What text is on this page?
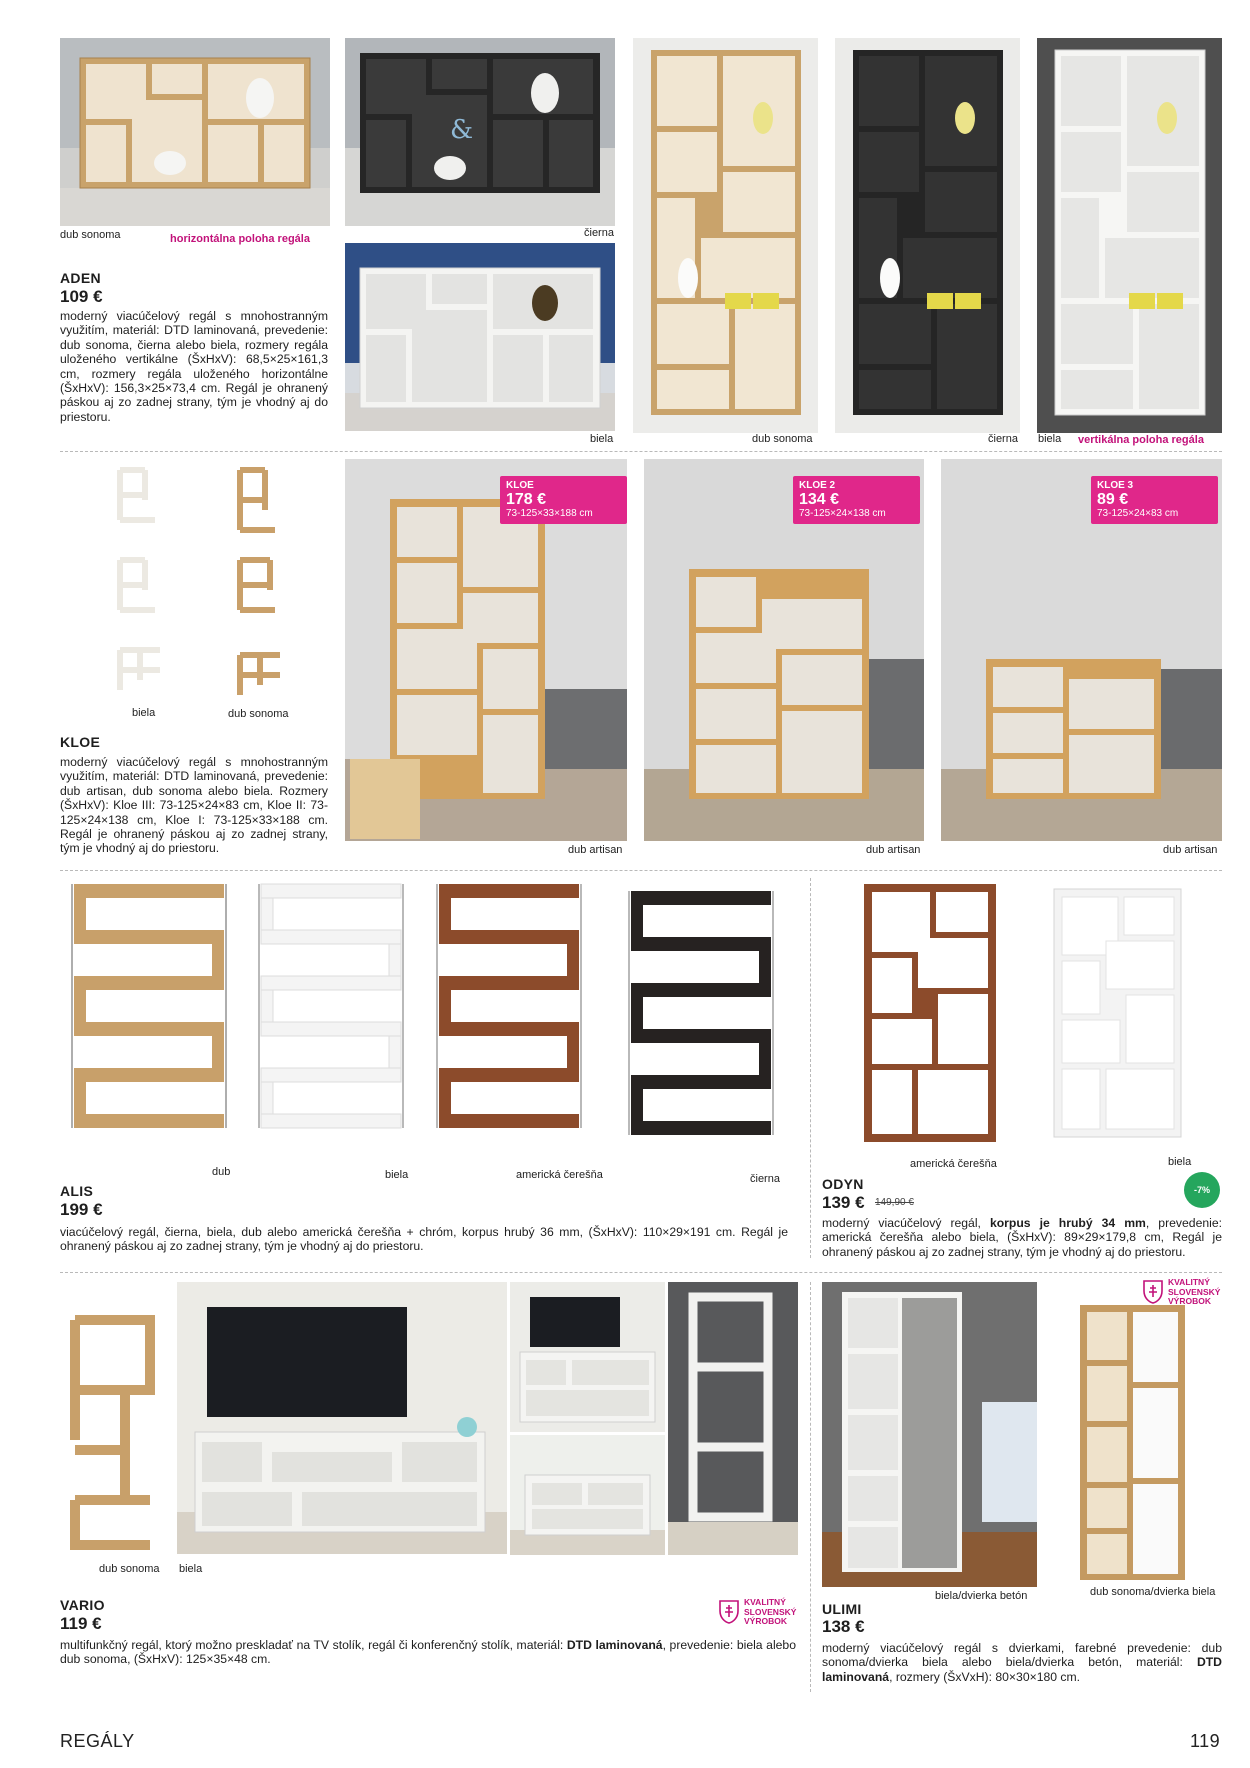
&
dub sonoma	horizontálna poloha regála	čierna
biela	dub sonoma	čierna biela vertikálna poloha regála
ADEN
109 €
moderný viacúčelový regál s mnohostranným využitím, materiál: DTD laminovaná, prevedenie: dub sonoma, čierna alebo biela, rozmery regála uloženého vertikálne (ŠxHxV): 68,5×25×161,3 cm, rozmery regála uloženého horizontálne (ŠxHxV): 156,3×25×73,4 cm. Regál je ohranený páskou aj zo zadnej strany, tým je vhodný aj do priestoru.
biela	dub sonoma
KLOE
moderný viacúčelový regál s mnohostranným využitím, materiál: DTD laminovaná, prevedenie: dub artisan, dub sonoma alebo biela. Rozmery (ŠxHxV): Kloe III: 73-125×24×83 cm, Kloe II: 73-125×24×138 cm, Kloe I: 73-125×33×188 cm. Regál je ohranený páskou aj zo zadnej strany, tým je vhodný aj do priestoru.
KLOE
178 €
73-125×33×188 cm
dub artisan
KLOE 2
134 €
73-125×24×138 cm
dub artisan
KLOE 3
89 €
73-125×24×83 cm
dub artisan
dub	biela	americká čerešňa	čierna
ALIS
199 €
viacúčelový regál, čierna, biela, dub alebo americká čerešňa + chróm, korpus hrubý 36 mm, (ŠxHxV): 110×29×191 cm. Regál je ohranený páskou aj zo zadnej strany, tým je vhodný aj do priestoru.
americká čerešňa	biela
ODYN
139 € 149,90 €
-7%
moderný viacúčelový regál, korpus je hrubý 34 mm, prevedenie: americká čerešňa alebo biela, (ŠxHxV): 89×29×179,8 cm, Regál je ohranený páskou aj zo zadnej strany, tým je vhodný aj do priestoru.
dub sonoma biela
VARIO
119 €
multifunkčný regál, ktorý možno preskladať na TV stolík, regál či konferenčný stolík, materiál: DTD laminovaná, prevedenie: biela alebo dub sonoma, (ŠxHxV): 125×35×48 cm.
KVALITNÝ
SLOVENSKÝ
VÝROBOK
KVALITNÝ
SLOVENSKÝ
VÝROBOK
biela/dvierka betón	dub sonoma/dvierka biela
ULIMI
138 €
moderný viacúčelový regál s dvierkami, farebné prevedenie: dub sonoma/dvierka biela alebo biela/dvierka betón, materiál: DTD laminovaná, rozmery (ŠxVxH): 80×30×180 cm.
REGÁLY	119
